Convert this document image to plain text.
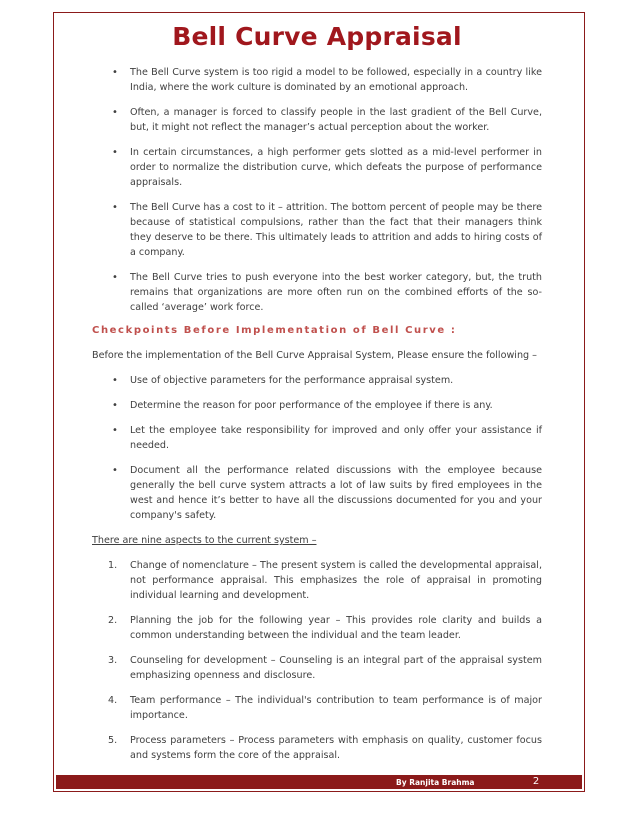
Bell Curve Appraisal
• The Bell Curve system is too rigid a model to be followed, especially in a country like India, where the work culture is dominated by an emotional approach.
• Often, a manager is forced to classify people in the last gradient of the Bell Curve, but, it might not reflect the manager’s actual perception about the worker.
• In certain circumstances, a high performer gets slotted as a mid-level performer in order to normalize the distribution curve, which defeats the purpose of performance appraisals.
• The Bell Curve has a cost to it – attrition. The bottom percent of people may be there because of statistical compulsions, rather than the fact that their managers think they deserve to be there. This ultimately leads to attrition and adds to hiring costs of a company.
• The Bell Curve tries to push everyone into the best worker category, but, the truth remains that organizations are more often run on the combined efforts of the so-called ‘average’ work force.
Checkpoints Before Implementation of Bell Curve :

Before the implementation of the Bell Curve Appraisal System, Please ensure the following –

• Use of objective parameters for the performance appraisal system.
• Determine the reason for poor performance of the employee if there is any.
• Let the employee take responsibility for improved and only offer your assistance if needed.
• Document all the performance related discussions with the employee because generally the bell curve system attracts a lot of law suits by fired employees in the west and hence it’s better to have all the discussions documented for you and your company's safety.

There are nine aspects to the current system –

1. Change of nomenclature – The present system is called the developmental appraisal, not performance appraisal. This emphasizes the role of appraisal in promoting individual learning and development.
2. Planning the job for the following year – This provides role clarity and builds a common understanding between the individual and the team leader.
3. Counseling for development – Counseling is an integral part of the appraisal system emphasizing openness and disclosure.
4. Team performance – The individual's contribution to team performance is of major importance.
5. Process parameters – Process parameters with emphasis on quality, customer focus and systems form the core of the appraisal.
By Ranjita Brahma	2
